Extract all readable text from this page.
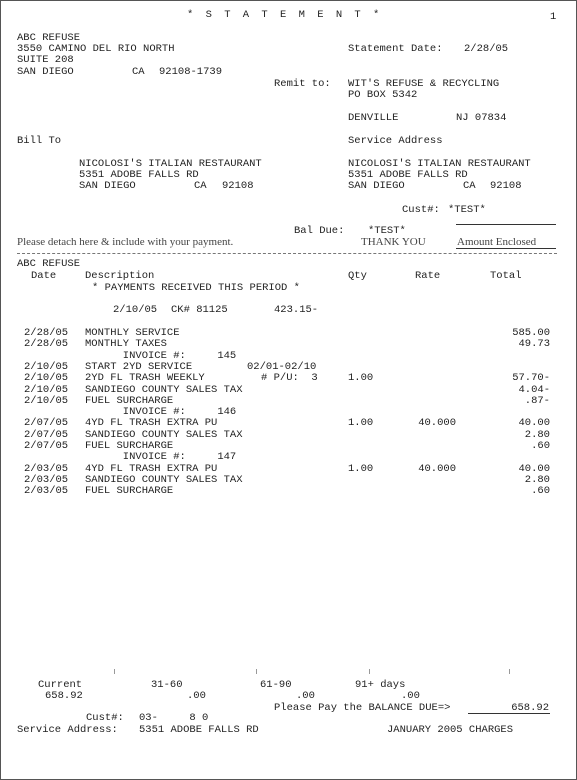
* S T A T E M E N T *	1
ABC REFUSE
3550 CAMINO DEL RIO NORTH
SUITE 208
SAN DIEGO	CA 92108-1739
Statement Date: 2/28/05
Remit to: WIT'S REFUSE & RECYCLING
PO BOX 5342
DENVILLE	NJ 07834
Bill To	Service Address
NICOLOSI'S ITALIAN RESTAURANT
5351 ADOBE FALLS RD
SAN DIEGO	CA 92108
NICOLOSI'S ITALIAN RESTAURANT
5351 ADOBE FALLS RD
SAN DIEGO	CA 92108
Cust#: *TEST*
Bal Due: *TEST*
Please detach here & include with your payment.	THANK YOU	Amount Enclosed
ABC REFUSE
Date	Description	Qty	Rate	Total
* PAYMENTS RECEIVED THIS PERIOD *
2/10/05 CK# 81125	423.15-
2/28/05 MONTHLY SERVICE	585.00
2/28/05 MONTHLY TAXES	49.73
INVOICE #:     145
2/10/05 START 2YD SERVICE	02/01-02/10
2/10/05 2YD FL TRASH WEEKLY	# P/U:  3	1.00	57.70-
2/10/05 SANDIEGO COUNTY SALES TAX	4.04-
2/10/05 FUEL SURCHARGE	.87-
INVOICE #:     146
2/07/05 4YD FL TRASH EXTRA PU	1.00	40.000	40.00
2/07/05 SANDIEGO COUNTY SALES TAX	2.80
2/07/05 FUEL SURCHARGE	.60
INVOICE #:     147
2/03/05 4YD FL TRASH EXTRA PU	1.00	40.000	40.00
2/03/05 SANDIEGO COUNTY SALES TAX	2.80
2/03/05 FUEL SURCHARGE	.60
Current	31-60	61-90	91+ days
658.92	.00	.00	.00
Please Pay the BALANCE DUE=>	658.92
Cust#: 03-     8 0
Service Address: 5351 ADOBE FALLS RD	JANUARY 2005 CHARGES
